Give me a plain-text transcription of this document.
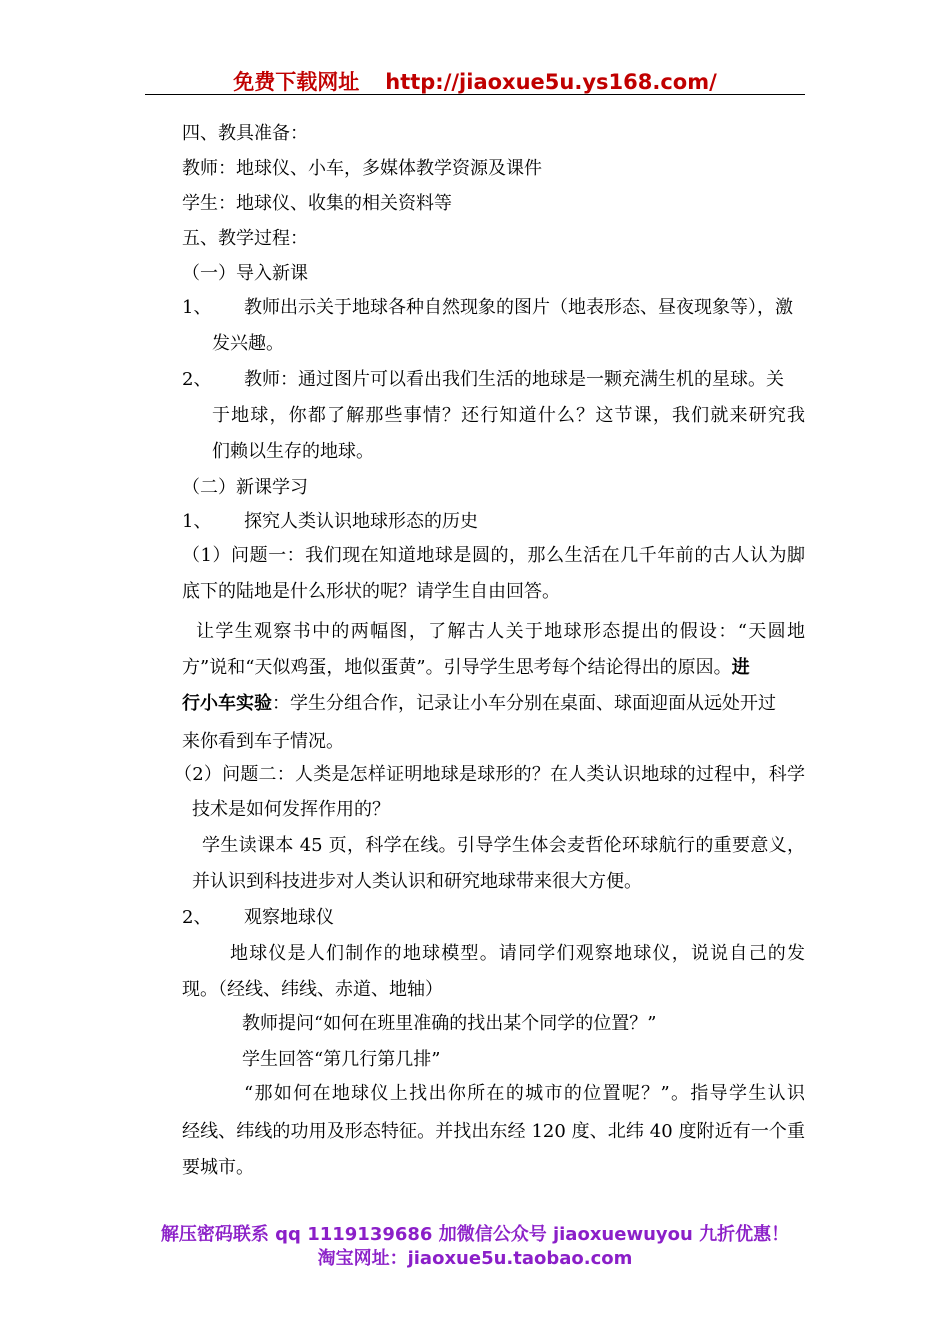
免费下载网址 http://jiaoxue5u.ys168.com/
四、教具准备：
教师：地球仪、小车，多媒体教学资源及课件
学生：地球仪、收集的相关资料等
五、教学过程：
（一）导入新课
1、 教师出示关于地球各种自然现象的图片（地表形态、昼夜现象等），激
发兴趣。
2、 教师：通过图片可以看出我们生活的地球是一颗充满生机的星球。关
于地球，你都了解那些事情？还行知道什么？这节课，我们就来研究我
们赖以生存的地球。
（二）新课学习
1、 探究人类认识地球形态的历史
（1）问题一：我们现在知道地球是圆的，那么生活在几千年前的古人认为脚
底下的陆地是什么形状的呢？请学生自由回答。
让学生观察书中的两幅图，了解古人关于地球形态提出的假设：“天圆地
方”说和“天似鸡蛋，地似蛋黄”。引导学生思考每个结论得出的原因。进
行小车实验：学生分组合作，记录让小车分别在桌面、球面迎面从远处开过
来你看到车子情况。
（2）问题二：人类是怎样证明地球是球形的？在人类认识地球的过程中，科学
技术是如何发挥作用的？
学生读课本 45 页，科学在线。引导学生体会麦哲伦环球航行的重要意义，
并认识到科技进步对人类认识和研究地球带来很大方便。
2、 观察地球仪
地球仪是人们制作的地球模型。请同学们观察地球仪，说说自己的发
现。（经线、纬线、赤道、地轴）
教师提问“如何在班里准确的找出某个同学的位置？”
学生回答“第几行第几排”
“那如何在地球仪上找出你所在的城市的位置呢？”。指导学生认识
经线、纬线的功用及形态特征。并找出东经 120 度、北纬 40 度附近有一个重
要城市。
解压密码联系 qq 1119139686 加微信公众号 jiaoxuewuyou 九折优惠！
淘宝网址：jiaoxue5u.taobao.com
